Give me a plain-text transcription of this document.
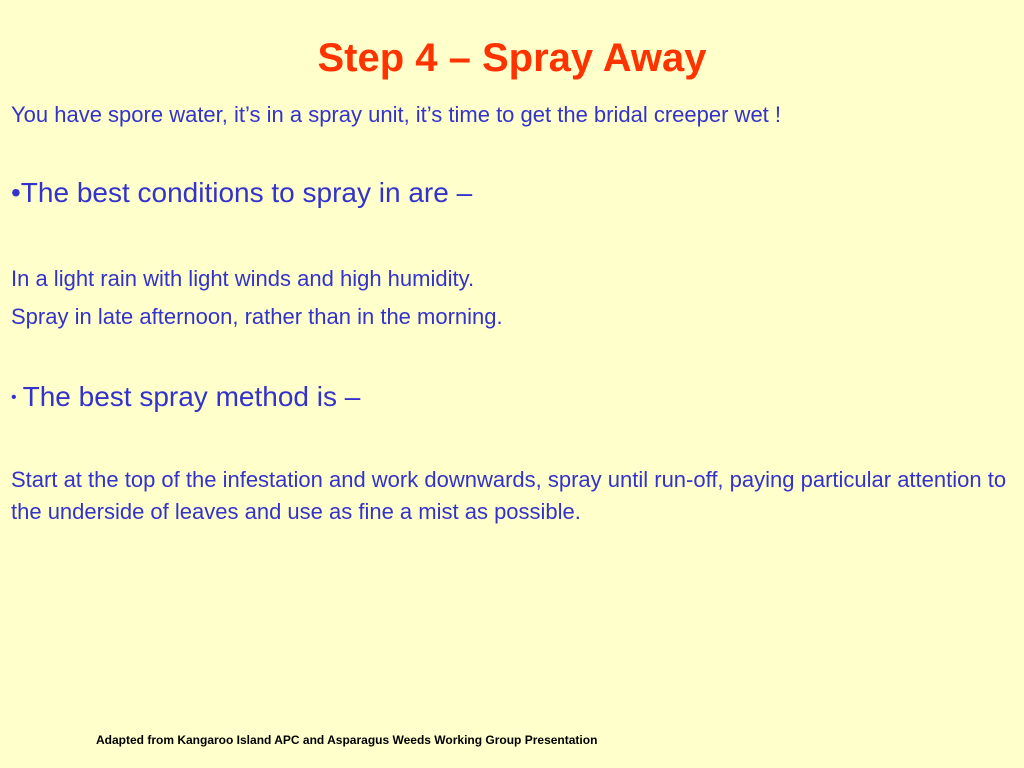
Step 4 – Spray Away

You have spore water, it’s in a spray unit, it’s time to get the bridal creeper wet !

•The best conditions to spray in are –

In a light rain with light winds and high humidity.

Spray in late afternoon, rather than in the morning.

• The best spray method is –

Start at the top of the infestation and work downwards, spray until run-off, paying particular attention to the underside of leaves and use as fine a mist as possible.

Adapted from Kangaroo Island APC and Asparagus Weeds Working Group Presentation
